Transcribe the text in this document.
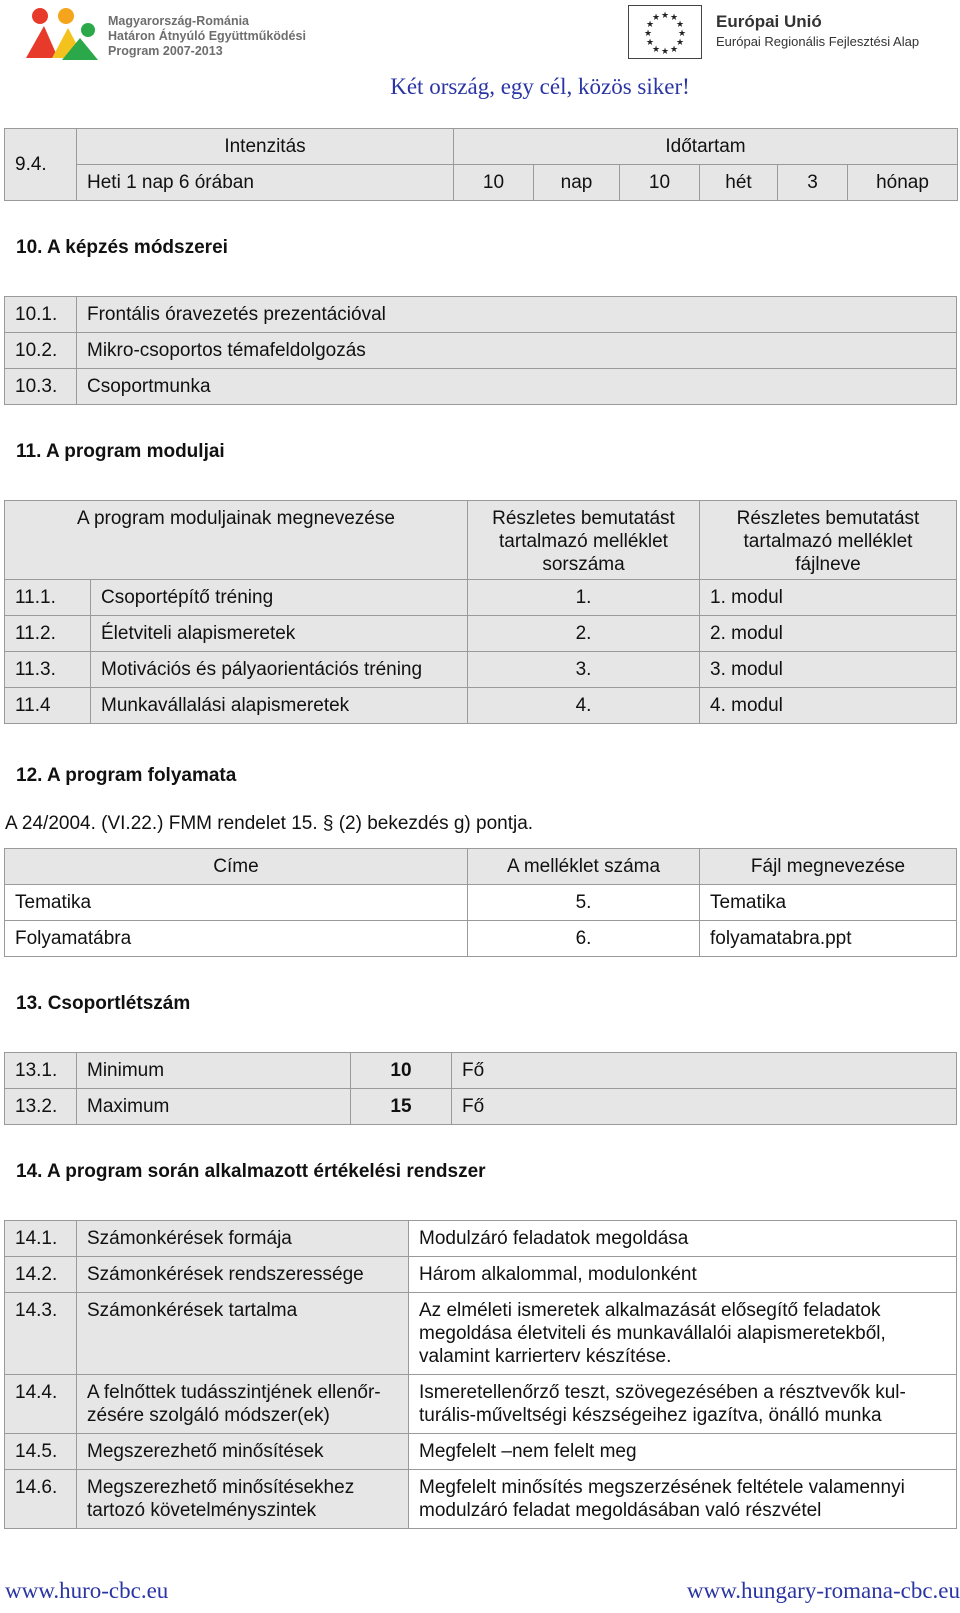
Magyarország-Románia
Határon Átnyúló Együttműködési
Program 2007-2013
★ ★
★
★
★
★
★
★
★
★
★
★	Európai Unió
Európai Regionális Fejlesztési Alap
Két ország, egy cél, közös siker!
9.4.	Intenzitás	Időtartam					
	Heti 1 nap 6 órában	10	nap	10	hét	3	hónap
10. A képzés módszerei
10.1.	Frontális óravezetés prezentációval
10.2.	Mikro-csoportos témafeldolgozás
10.3.	Csoportmunka
11. A program moduljai
A program moduljainak megnevezése		Részletes bemutatást tartalmazó melléklet sorszáma	Részletes bemutatást tartalmazó melléklet fájlneve
11.1.	Csoportépítő tréning	1.	1. modul
11.2.	Életviteli alapismeretek	2.	2. modul
11.3.	Motivációs és pályaorientációs tréning	3.	3. modul
11.4	Munkavállalási alapismeretek	4.	4. modul
12. A program folyamata
A 24/2004. (VI.22.) FMM rendelet 15. § (2) bekezdés g) pontja.
Címe	A melléklet száma	Fájl megnevezése
Tematika	5.	Tematika
Folyamatábra	6.	folyamatabra.ppt
13. Csoportlétszám
13.1.	Minimum	10	Fő
13.2.	Maximum	15	Fő
14. A program során alkalmazott értékelési rendszer
14.1.	Számonkérések formája	Modulzáró feladatok megoldása
14.2.	Számonkérések rendszeressége	Három alkalommal, modulonként
14.3.	Számonkérések tartalma	Az elméleti ismeretek alkalmazását elősegítő feladatok megoldása életviteli és munkavállalói alapismeretekből, valamint karrierterv készítése.
14.4.	A felnőttek tudásszintjének ellenőr-zésére szolgáló módszer(ek)	Ismeretellenőrző teszt, szövegezésében a résztvevők kul-turális-műveltségi készségeihez igazítva, önálló munka
14.5.	Megszerezhető minősítések	Megfelelt –nem felelt meg
14.6.	Megszerezhető minősítésekhez tartozó követelményszintek	Megfelelt minősítés megszerzésének feltétele valamennyi modulzáró feladat megoldásában való részvétel
www.huro-cbc.eu	www.hungary-romana-cbc.eu
